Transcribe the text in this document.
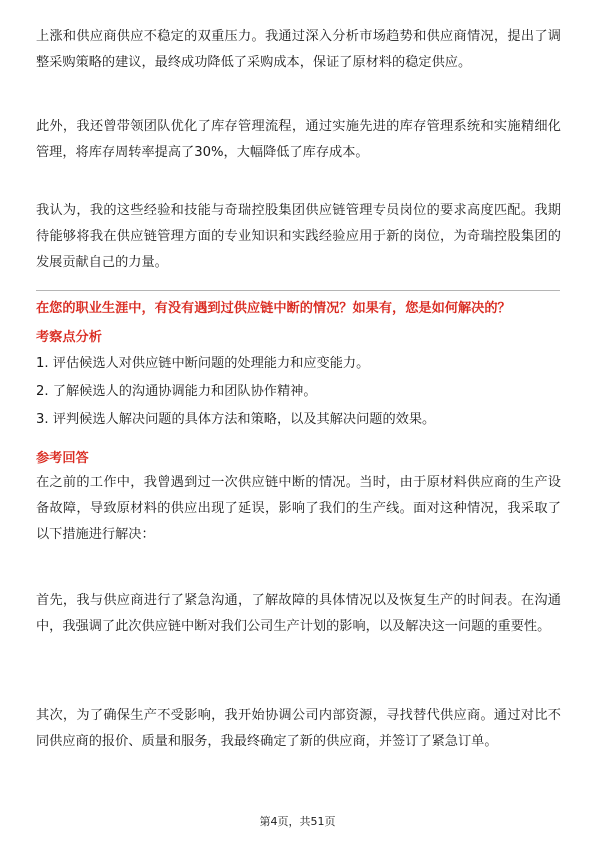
上涨和供应商供应不稳定的双重压力。我通过深入分析市场趋势和供应商情况，提出了调整采购策略的建议，最终成功降低了采购成本，保证了原材料的稳定供应。

此外，我还曾带领团队优化了库存管理流程，通过实施先进的库存管理系统和实施精细化管理，将库存周转率提高了30%，大幅降低了库存成本。

我认为，我的这些经验和技能与奇瑞控股集团供应链管理专员岗位的要求高度匹配。我期待能够将我在供应链管理方面的专业知识和实践经验应用于新的岗位，为奇瑞控股集团的发展贡献自己的力量。

在您的职业生涯中，有没有遇到过供应链中断的情况？如果有，您是如何解决的？

考察点分析

1. 评估候选人对供应链中断问题的处理能力和应变能力。

2. 了解候选人的沟通协调能力和团队协作精神。

3. 评判候选人解决问题的具体方法和策略，以及其解决问题的效果。

参考回答

在之前的工作中，我曾遇到过一次供应链中断的情况。当时，由于原材料供应商的生产设备故障，导致原材料的供应出现了延误，影响了我们的生产线。面对这种情况，我采取了以下措施进行解决：

首先，我与供应商进行了紧急沟通，了解故障的具体情况以及恢复生产的时间表。在沟通中，我强调了此次供应链中断对我们公司生产计划的影响，以及解决这一问题的重要性。

其次，为了确保生产不受影响，我开始协调公司内部资源，寻找替代供应商。通过对比不同供应商的报价、质量和服务，我最终确定了新的供应商，并签订了紧急订单。

第4页，共51页
